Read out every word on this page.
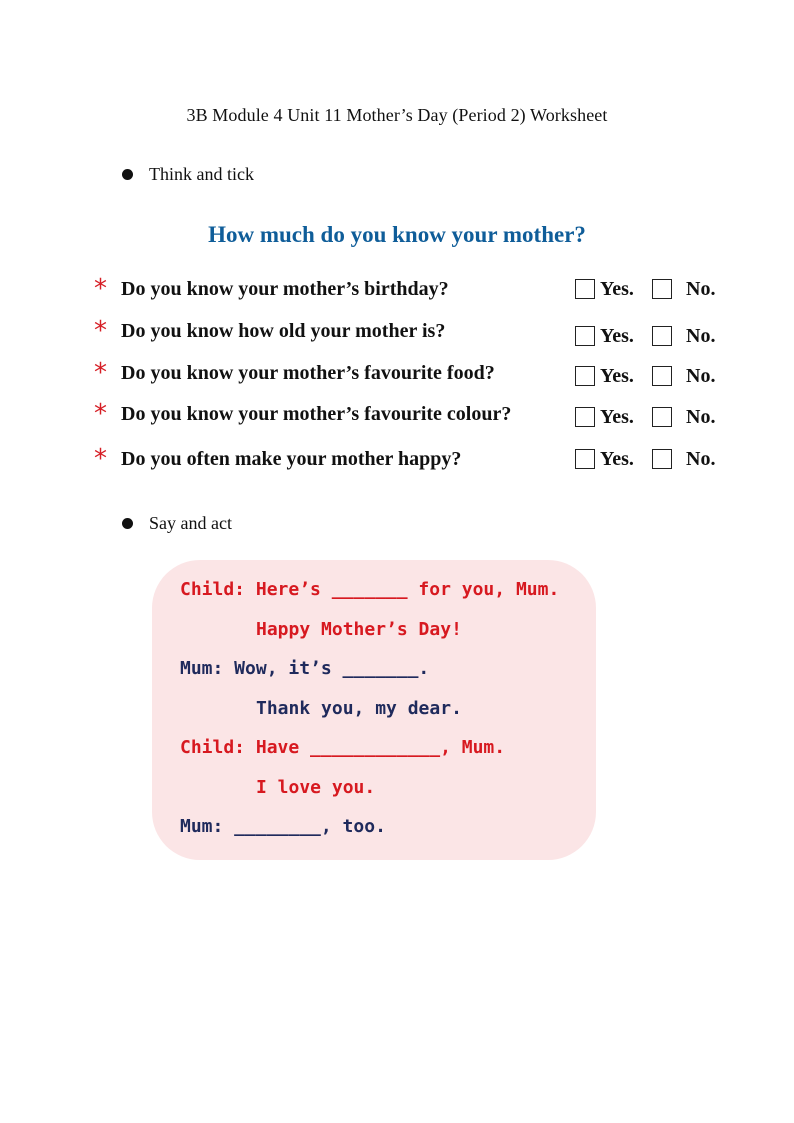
3B Module 4 Unit 11 Mother’s Day (Period 2) Worksheet
Think and tick
How much do you know your mother?
* Do you know your mother’s birthday?	Yes.	No.
* Do you know how old your mother is?	Yes.	No.
* Do you know your mother’s favourite food?	Yes.	No.
* Do you know your mother’s favourite colour?	Yes.	No.
* Do you often make your mother happy?	Yes.	No.
Say and act
Child: Here’s _______ for you, Mum.
Happy Mother’s Day!
Mum: Wow, it’s _______.
Thank you, my dear.
Child: Have ____________, Mum.
I love you.
Mum: ________, too.
